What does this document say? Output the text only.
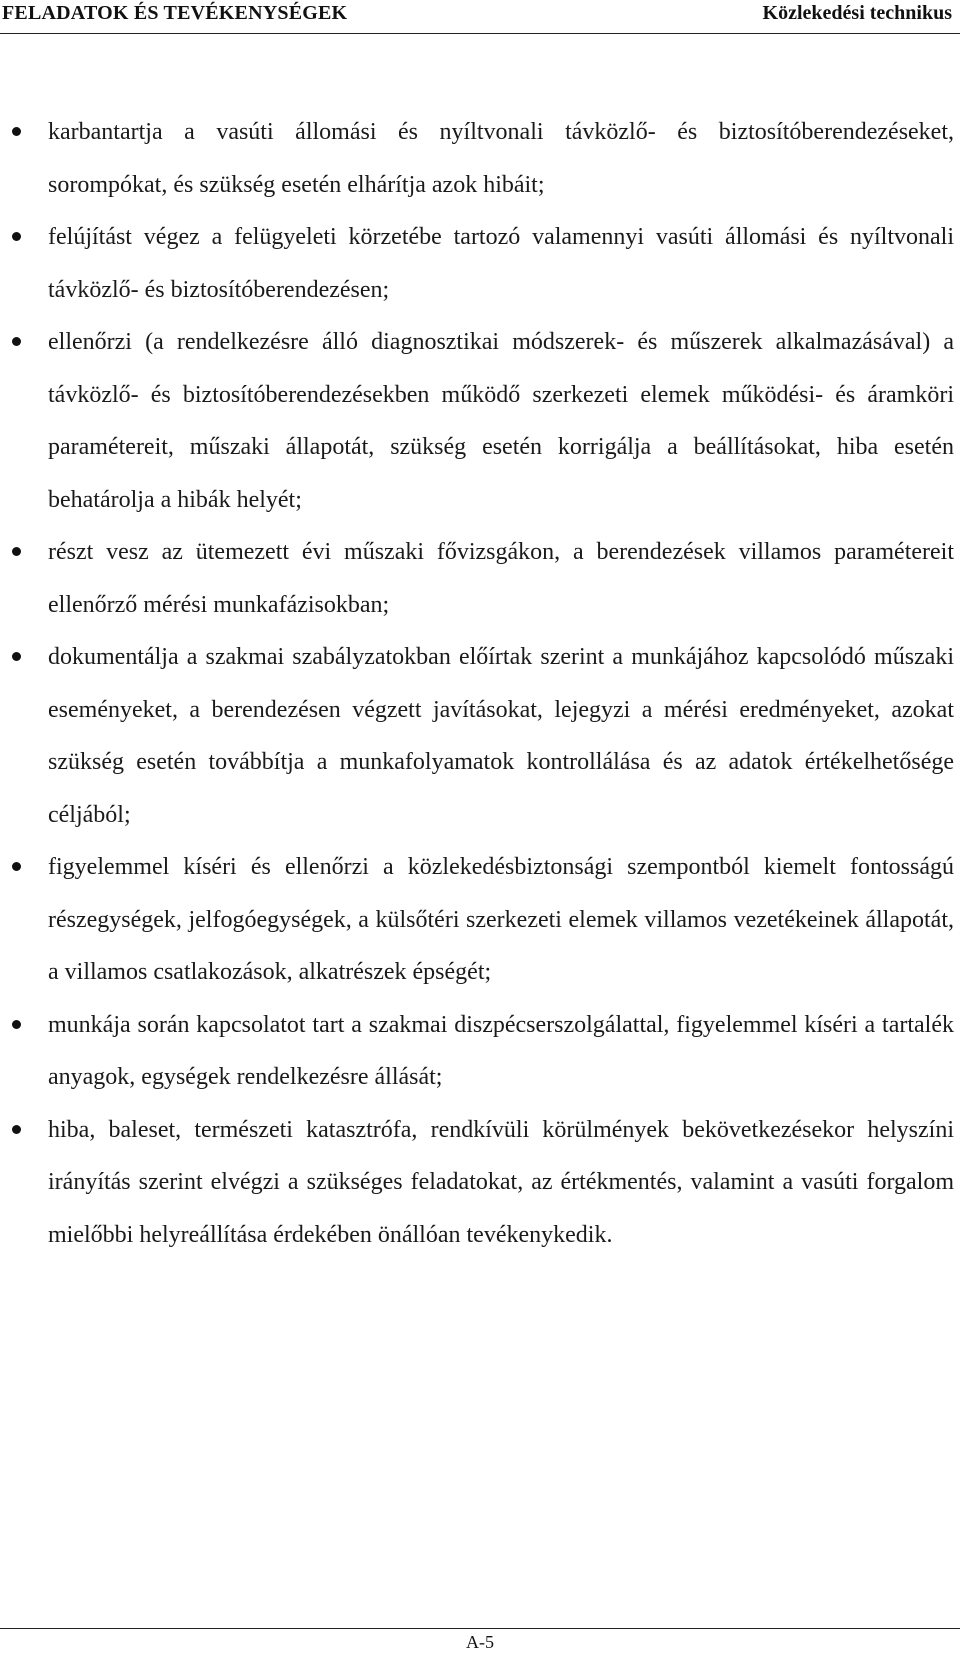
FELADATOK ÉS TEVÉKENYSÉGEK	Közlekedési technikus
karbantartja a vasúti állomási és nyíltvonali távközlő- és biztosítóberendezéseket, sorompókat, és szükség esetén elhárítja azok hibáit;
felújítást végez a felügyeleti körzetébe tartozó valamennyi vasúti állomási és nyíltvonali távközlő- és biztosítóberendezésen;
ellenőrzi (a rendelkezésre álló diagnosztikai módszerek- és műszerek alkalmazásával) a távközlő- és biztosítóberendezésekben működő szerkezeti elemek működési- és áramköri paramétereit, műszaki állapotát, szükség esetén korrigálja a beállításokat, hiba esetén behatárolja a hibák helyét;
részt vesz az ütemezett évi műszaki fővizsgákon, a berendezések villamos paramétereit ellenőrző mérési munkafázisokban;
dokumentálja a szakmai szabályzatokban előírtak szerint a munkájához kapcsolódó műszaki eseményeket, a berendezésen végzett javításokat, lejegyzi a mérési eredményeket, azokat szükség esetén továbbítja a munkafolyamatok kontrollálása és az adatok értékelhetősége céljából;
figyelemmel kíséri és ellenőrzi a közlekedésbiztonsági szempontból kiemelt fontosságú részegységek, jelfogóegységek, a külsőtéri szerkezeti elemek villamos vezetékeinek állapotát, a villamos csatlakozások, alkatrészek épségét;
munkája során kapcsolatot tart a szakmai diszpécserszolgálattal, figyelemmel kíséri a tartalék anyagok, egységek rendelkezésre állását;
hiba, baleset, természeti katasztrófa, rendkívüli körülmények bekövetkezésekor helyszíni irányítás szerint elvégzi a szükséges feladatokat, az értékmentés, valamint a vasúti forgalom mielőbbi helyreállítása érdekében önállóan tevékenykedik.
A-5
